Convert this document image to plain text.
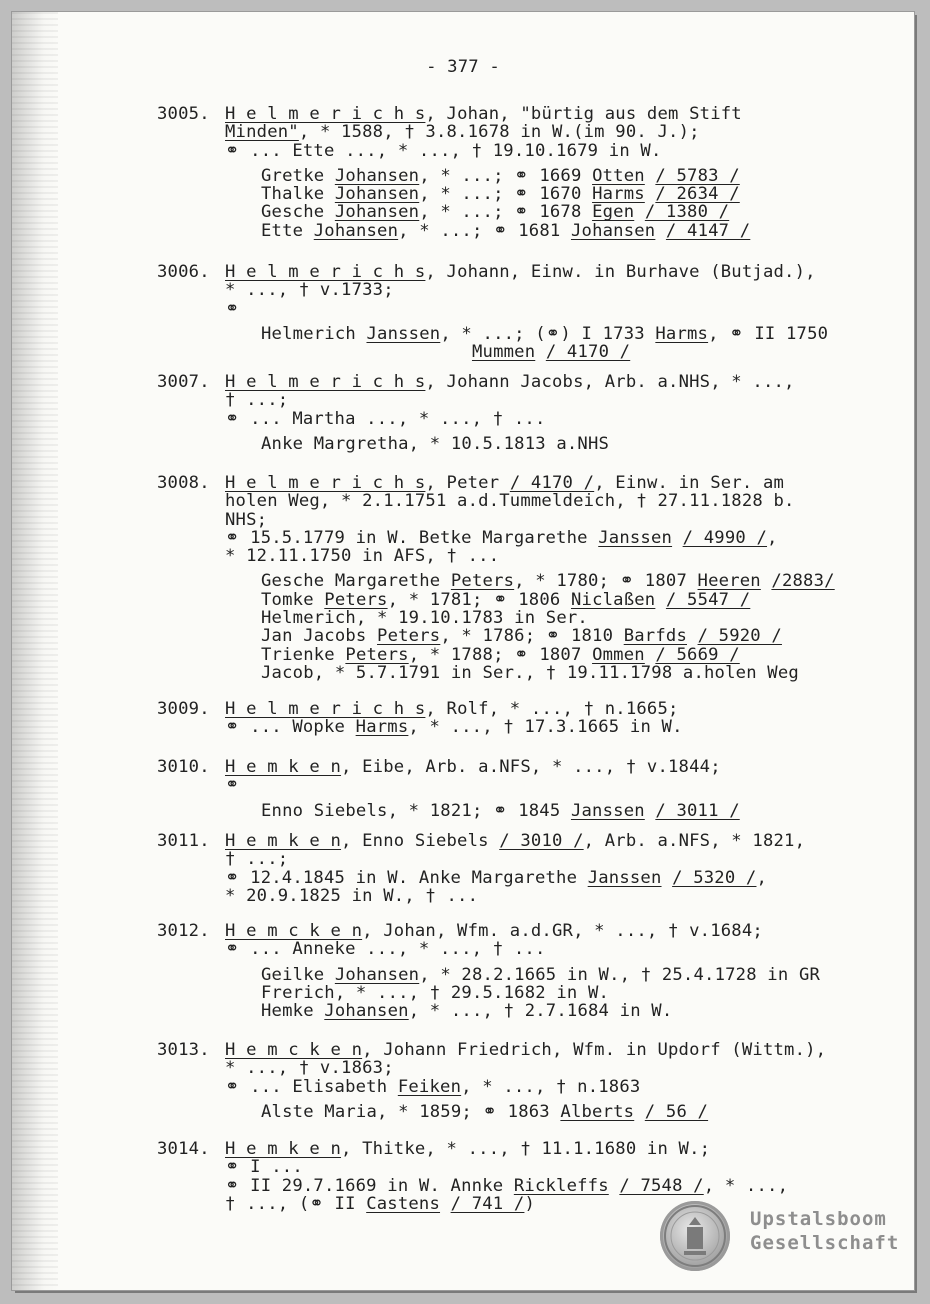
- 377 -
3005. H e l m e r i c h s, Johan, "bürtig aus dem Stift
Minden", * 1588, † 3.8.1678 in W.(im 90. J.);
⚭ ... Ette ..., * ..., † 19.10.1679 in W.
Gretke Johansen, * ...; ⚭ 1669 Otten / 5783 /
Thalke Johansen, * ...; ⚭ 1670 Harms / 2634 /
Gesche Johansen, * ...; ⚭ 1678 Egen / 1380 /
Ette Johansen, * ...; ⚭ 1681 Johansen / 4147 /
3006. H e l m e r i c h s, Johann, Einw. in Burhave (Butjad.),
* ..., † v.1733;
⚭
Helmerich Janssen, * ...; (⚭) I 1733 Harms, ⚭ II 1750
Mummen / 4170 /
3007. H e l m e r i c h s, Johann Jacobs, Arb. a.NHS, * ...,
† ...;
⚭ ... Martha ..., * ..., † ...
Anke Margretha, * 10.5.1813 a.NHS
3008. H e l m e r i c h s, Peter / 4170 /, Einw. in Ser. am
holen Weg, * 2.1.1751 a.d.Tummeldeich, † 27.11.1828 b.
NHS;
⚭ 15.5.1779 in W. Betke Margarethe Janssen / 4990 /,
* 12.11.1750 in AFS, † ...
Gesche Margarethe Peters, * 1780; ⚭ 1807 Heeren /2883/
Tomke Peters, * 1781; ⚭ 1806 Niclaßen / 5547 /
Helmerich, * 19.10.1783 in Ser.
Jan Jacobs Peters, * 1786; ⚭ 1810 Barfds / 5920 /
Trienke Peters, * 1788; ⚭ 1807 Ommen / 5669 /
Jacob, * 5.7.1791 in Ser., † 19.11.1798 a.holen Weg
3009. H e l m e r i c h s, Rolf, * ..., † n.1665;
⚭ ... Wopke Harms, * ..., † 17.3.1665 in W.
3010. H e m k e n, Eibe, Arb. a.NFS, * ..., † v.1844;
⚭
Enno Siebels, * 1821; ⚭ 1845 Janssen / 3011 /
3011. H e m k e n, Enno Siebels / 3010 /, Arb. a.NFS, * 1821,
† ...;
⚭ 12.4.1845 in W. Anke Margarethe Janssen / 5320 /,
* 20.9.1825 in W., † ...
3012. H e m c k e n, Johan, Wfm. a.d.GR, * ..., † v.1684;
⚭ ... Anneke ..., * ..., † ...
Geilke Johansen, * 28.2.1665 in W., † 25.4.1728 in GR
Frerich, * ..., † 29.5.1682 in W.
Hemke Johansen, * ..., † 2.7.1684 in W.
3013. H e m c k e n, Johann Friedrich, Wfm. in Updorf (Wittm.),
* ..., † v.1863;
⚭ ... Elisabeth Feiken, * ..., † n.1863
Alste Maria, * 1859; ⚭ 1863 Alberts / 56 /
3014. H e m k e n, Thitke, * ..., † 11.1.1680 in W.;
⚭ I ...
⚭ II 29.7.1669 in W. Annke Rickleffs / 7548 /, * ...,
† ..., (⚭ II Castens / 741 /)
Upstalsboom
Gesellschaft
